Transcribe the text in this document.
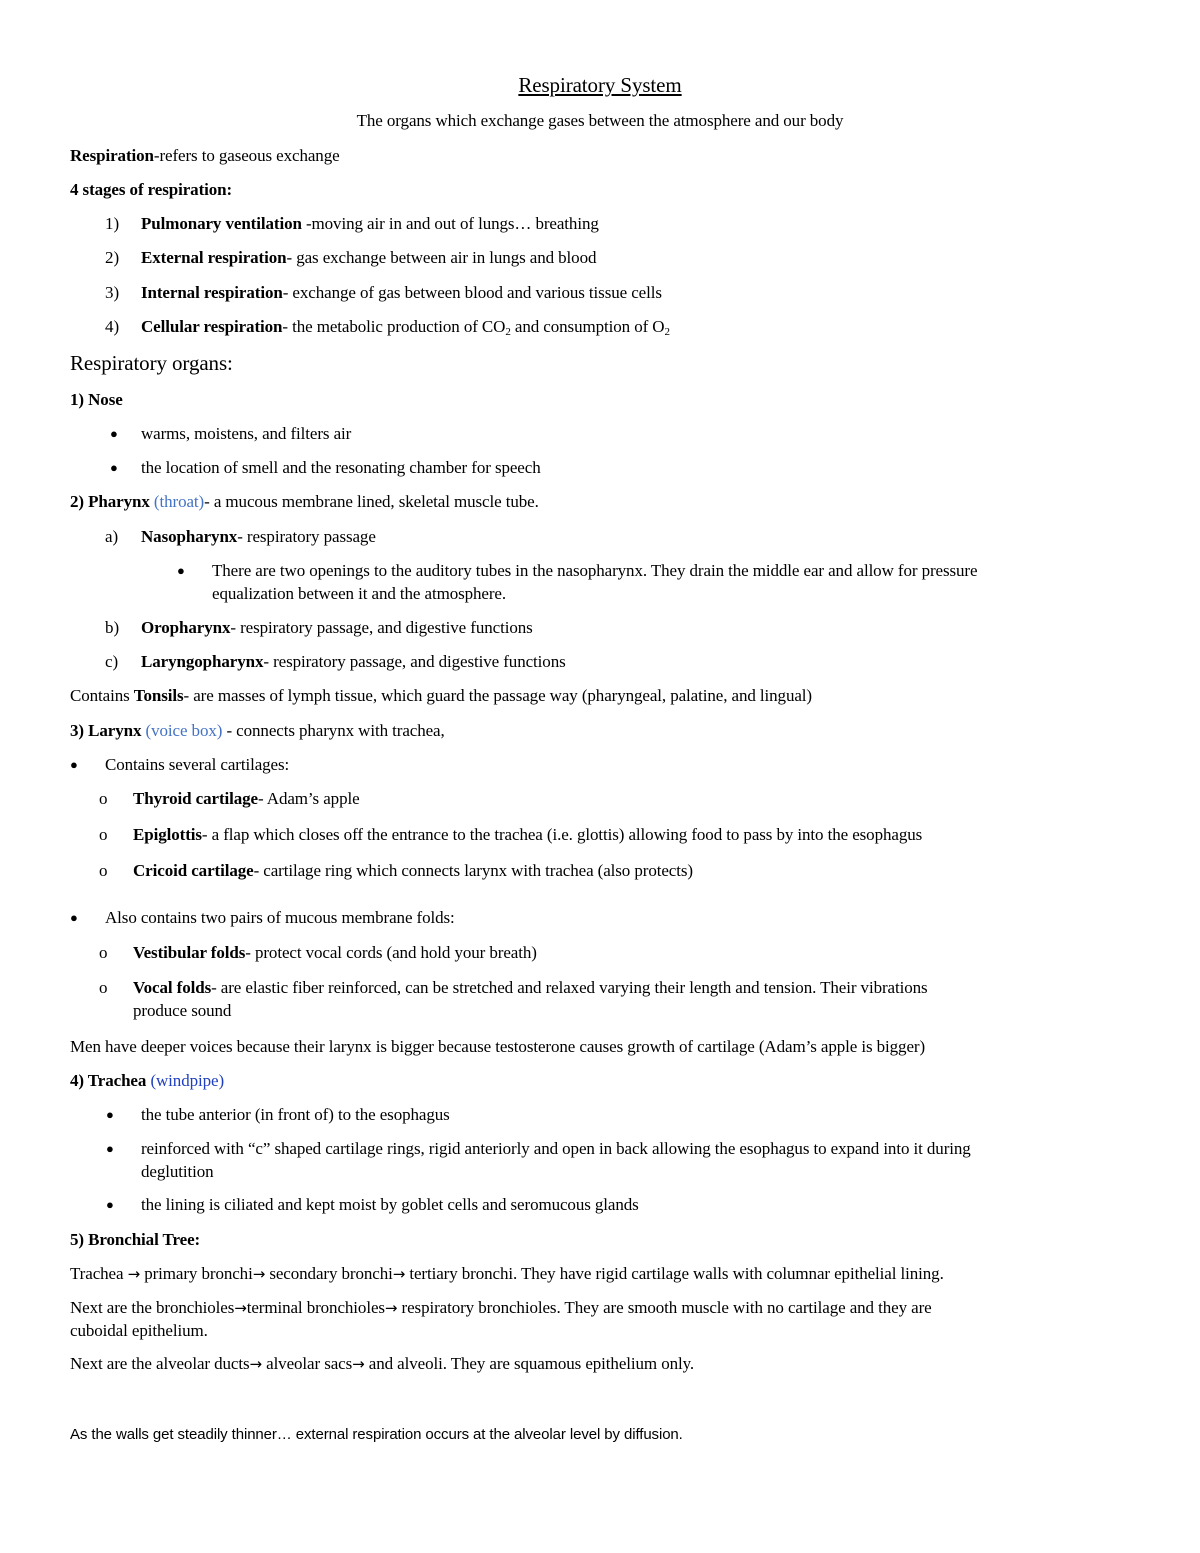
Respiratory System
The organs which exchange gases between the atmosphere and our body
Respiration-refers to gaseous exchange
4 stages of respiration:
1) Pulmonary ventilation -moving air in and out of lungs… breathing
2) External respiration- gas exchange between air in lungs and blood
3) Internal respiration- exchange of gas between blood and various tissue cells
4) Cellular respiration- the metabolic production of $CO_2$ and consumption of $O_2$
Respiratory organs:
1) Nose
● warms, moistens, and filters air
● the location of smell and the resonating chamber for speech
2) Pharynx (throat)- a mucous membrane lined, skeletal muscle tube.
a) Nasopharynx- respiratory passage
● There are two openings to the auditory tubes in the nasopharynx. They drain the middle ear and allow for pressure
equalization between it and the atmosphere.
b) Oropharynx- respiratory passage, and digestive functions
c) Laryngopharynx- respiratory passage, and digestive functions
Contains Tonsils- are masses of lymph tissue, which guard the passage way (pharyngeal, palatine, and lingual)
3) Larynx (voice box) - connects pharynx with trachea,
● Contains several cartilages:
o Thyroid cartilage- Adam’s apple
o Epiglottis- a flap which closes off the entrance to the trachea (i.e. glottis) allowing food to pass by into the esophagus
o Cricoid cartilage- cartilage ring which connects larynx with trachea (also protects)
● Also contains two pairs of mucous membrane folds:
o Vestibular folds- protect vocal cords (and hold your breath)
o Vocal folds- are elastic fiber reinforced, can be stretched and relaxed varying their length and tension. Their vibrations
produce sound
Men have deeper voices because their larynx is bigger because testosterone causes growth of cartilage (Adam’s apple is bigger)
4) Trachea (windpipe)
● the tube anterior (in front of) to the esophagus
● reinforced with “c” shaped cartilage rings, rigid anteriorly and open in back allowing the esophagus to expand into it during
deglutition
● the lining is ciliated and kept moist by goblet cells and seromucous glands
5) Bronchial Tree:
Trachea → primary bronchi→ secondary bronchi→ tertiary bronchi. They have rigid cartilage walls with columnar epithelial lining.
Next are the bronchioles→terminal bronchioles→ respiratory bronchioles. They are smooth muscle with no cartilage and they are
cuboidal epithelium.
Next are the alveolar ducts→ alveolar sacs→ and alveoli. They are squamous epithelium only.
As the walls get steadily thinner… external respiration occurs at the alveolar level by diffusion.
